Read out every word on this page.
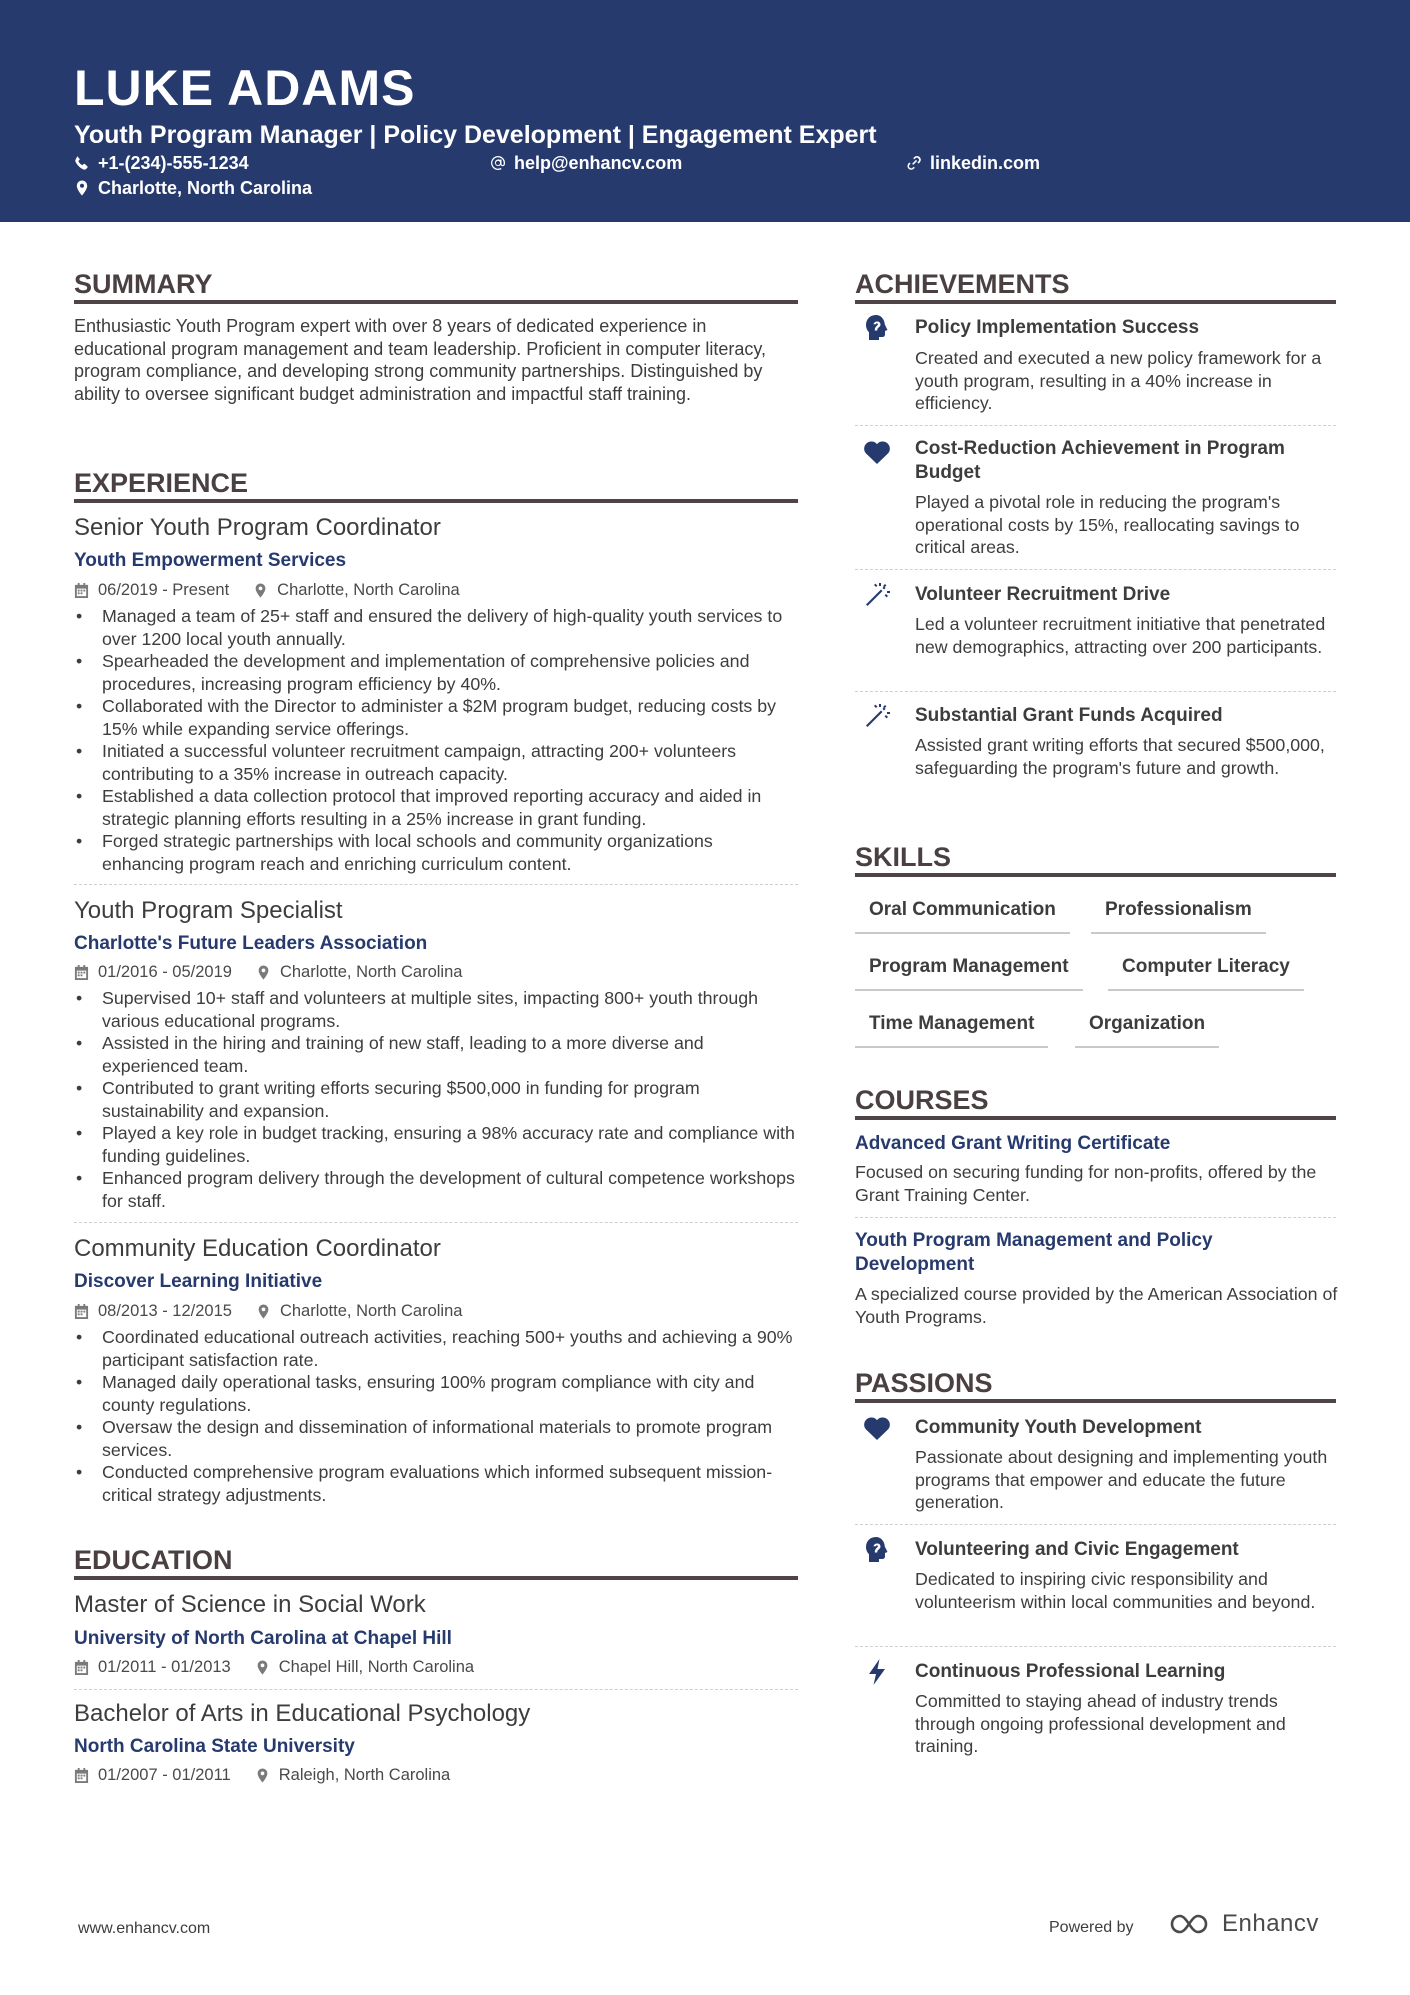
LUKE ADAMS
Youth Program Manager | Policy Development | Engagement Expert
+1-(234)-555-1234	help@enhancv.com	linkedin.com
Charlotte, North Carolina
SUMMARY
Enthusiastic Youth Program expert with over 8 years of dedicated experience in educational program management and team leadership. Proficient in computer literacy, program compliance, and developing strong community partnerships. Distinguished by ability to oversee significant budget administration and impactful staff training.
EXPERIENCE
Senior Youth Program Coordinator
Youth Empowerment Services
06/2019 - Present	Charlotte, North Carolina
• Managed a team of 25+ staff and ensured the delivery of high-quality youth services to over 1200 local youth annually.
• Spearheaded the development and implementation of comprehensive policies and procedures, increasing program efficiency by 40%.
• Collaborated with the Director to administer a $2M program budget, reducing costs by 15% while expanding service offerings.
• Initiated a successful volunteer recruitment campaign, attracting 200+ volunteers contributing to a 35% increase in outreach capacity.
• Established a data collection protocol that improved reporting accuracy and aided in strategic planning efforts resulting in a 25% increase in grant funding.
• Forged strategic partnerships with local schools and community organizations enhancing program reach and enriching curriculum content.
Youth Program Specialist
Charlotte's Future Leaders Association
01/2016 - 05/2019	Charlotte, North Carolina
• Supervised 10+ staff and volunteers at multiple sites, impacting 800+ youth through various educational programs.
• Assisted in the hiring and training of new staff, leading to a more diverse and experienced team.
• Contributed to grant writing efforts securing $500,000 in funding for program sustainability and expansion.
• Played a key role in budget tracking, ensuring a 98% accuracy rate and compliance with funding guidelines.
• Enhanced program delivery through the development of cultural competence workshops for staff.
Community Education Coordinator
Discover Learning Initiative
08/2013 - 12/2015	Charlotte, North Carolina
• Coordinated educational outreach activities, reaching 500+ youths and achieving a 90% participant satisfaction rate.
• Managed daily operational tasks, ensuring 100% program compliance with city and county regulations.
• Oversaw the design and dissemination of informational materials to promote program services.
• Conducted comprehensive program evaluations which informed subsequent mission-critical strategy adjustments.
EDUCATION
Master of Science in Social Work
University of North Carolina at Chapel Hill
01/2011 - 01/2013	Chapel Hill, North Carolina
Bachelor of Arts in Educational Psychology
North Carolina State University
01/2007 - 01/2011	Raleigh, North Carolina
ACHIEVEMENTS
Policy Implementation Success
Created and executed a new policy framework for a youth program, resulting in a 40% increase in efficiency.
Cost-Reduction Achievement in Program Budget
Played a pivotal role in reducing the program's operational costs by 15%, reallocating savings to critical areas.
Volunteer Recruitment Drive
Led a volunteer recruitment initiative that penetrated new demographics, attracting over 200 participants.
Substantial Grant Funds Acquired
Assisted grant writing efforts that secured $500,000, safeguarding the program's future and growth.
SKILLS
Oral Communication	Professionalism
Program Management	Computer Literacy
Time Management	Organization
COURSES
Advanced Grant Writing Certificate
Focused on securing funding for non-profits, offered by the Grant Training Center.
Youth Program Management and Policy Development
A specialized course provided by the American Association of Youth Programs.
PASSIONS
Community Youth Development
Passionate about designing and implementing youth programs that empower and educate the future generation.
Volunteering and Civic Engagement
Dedicated to inspiring civic responsibility and volunteerism within local communities and beyond.
Continuous Professional Learning
Committed to staying ahead of industry trends through ongoing professional development and training.
www.enhancv.com	Powered by	Enhancv
